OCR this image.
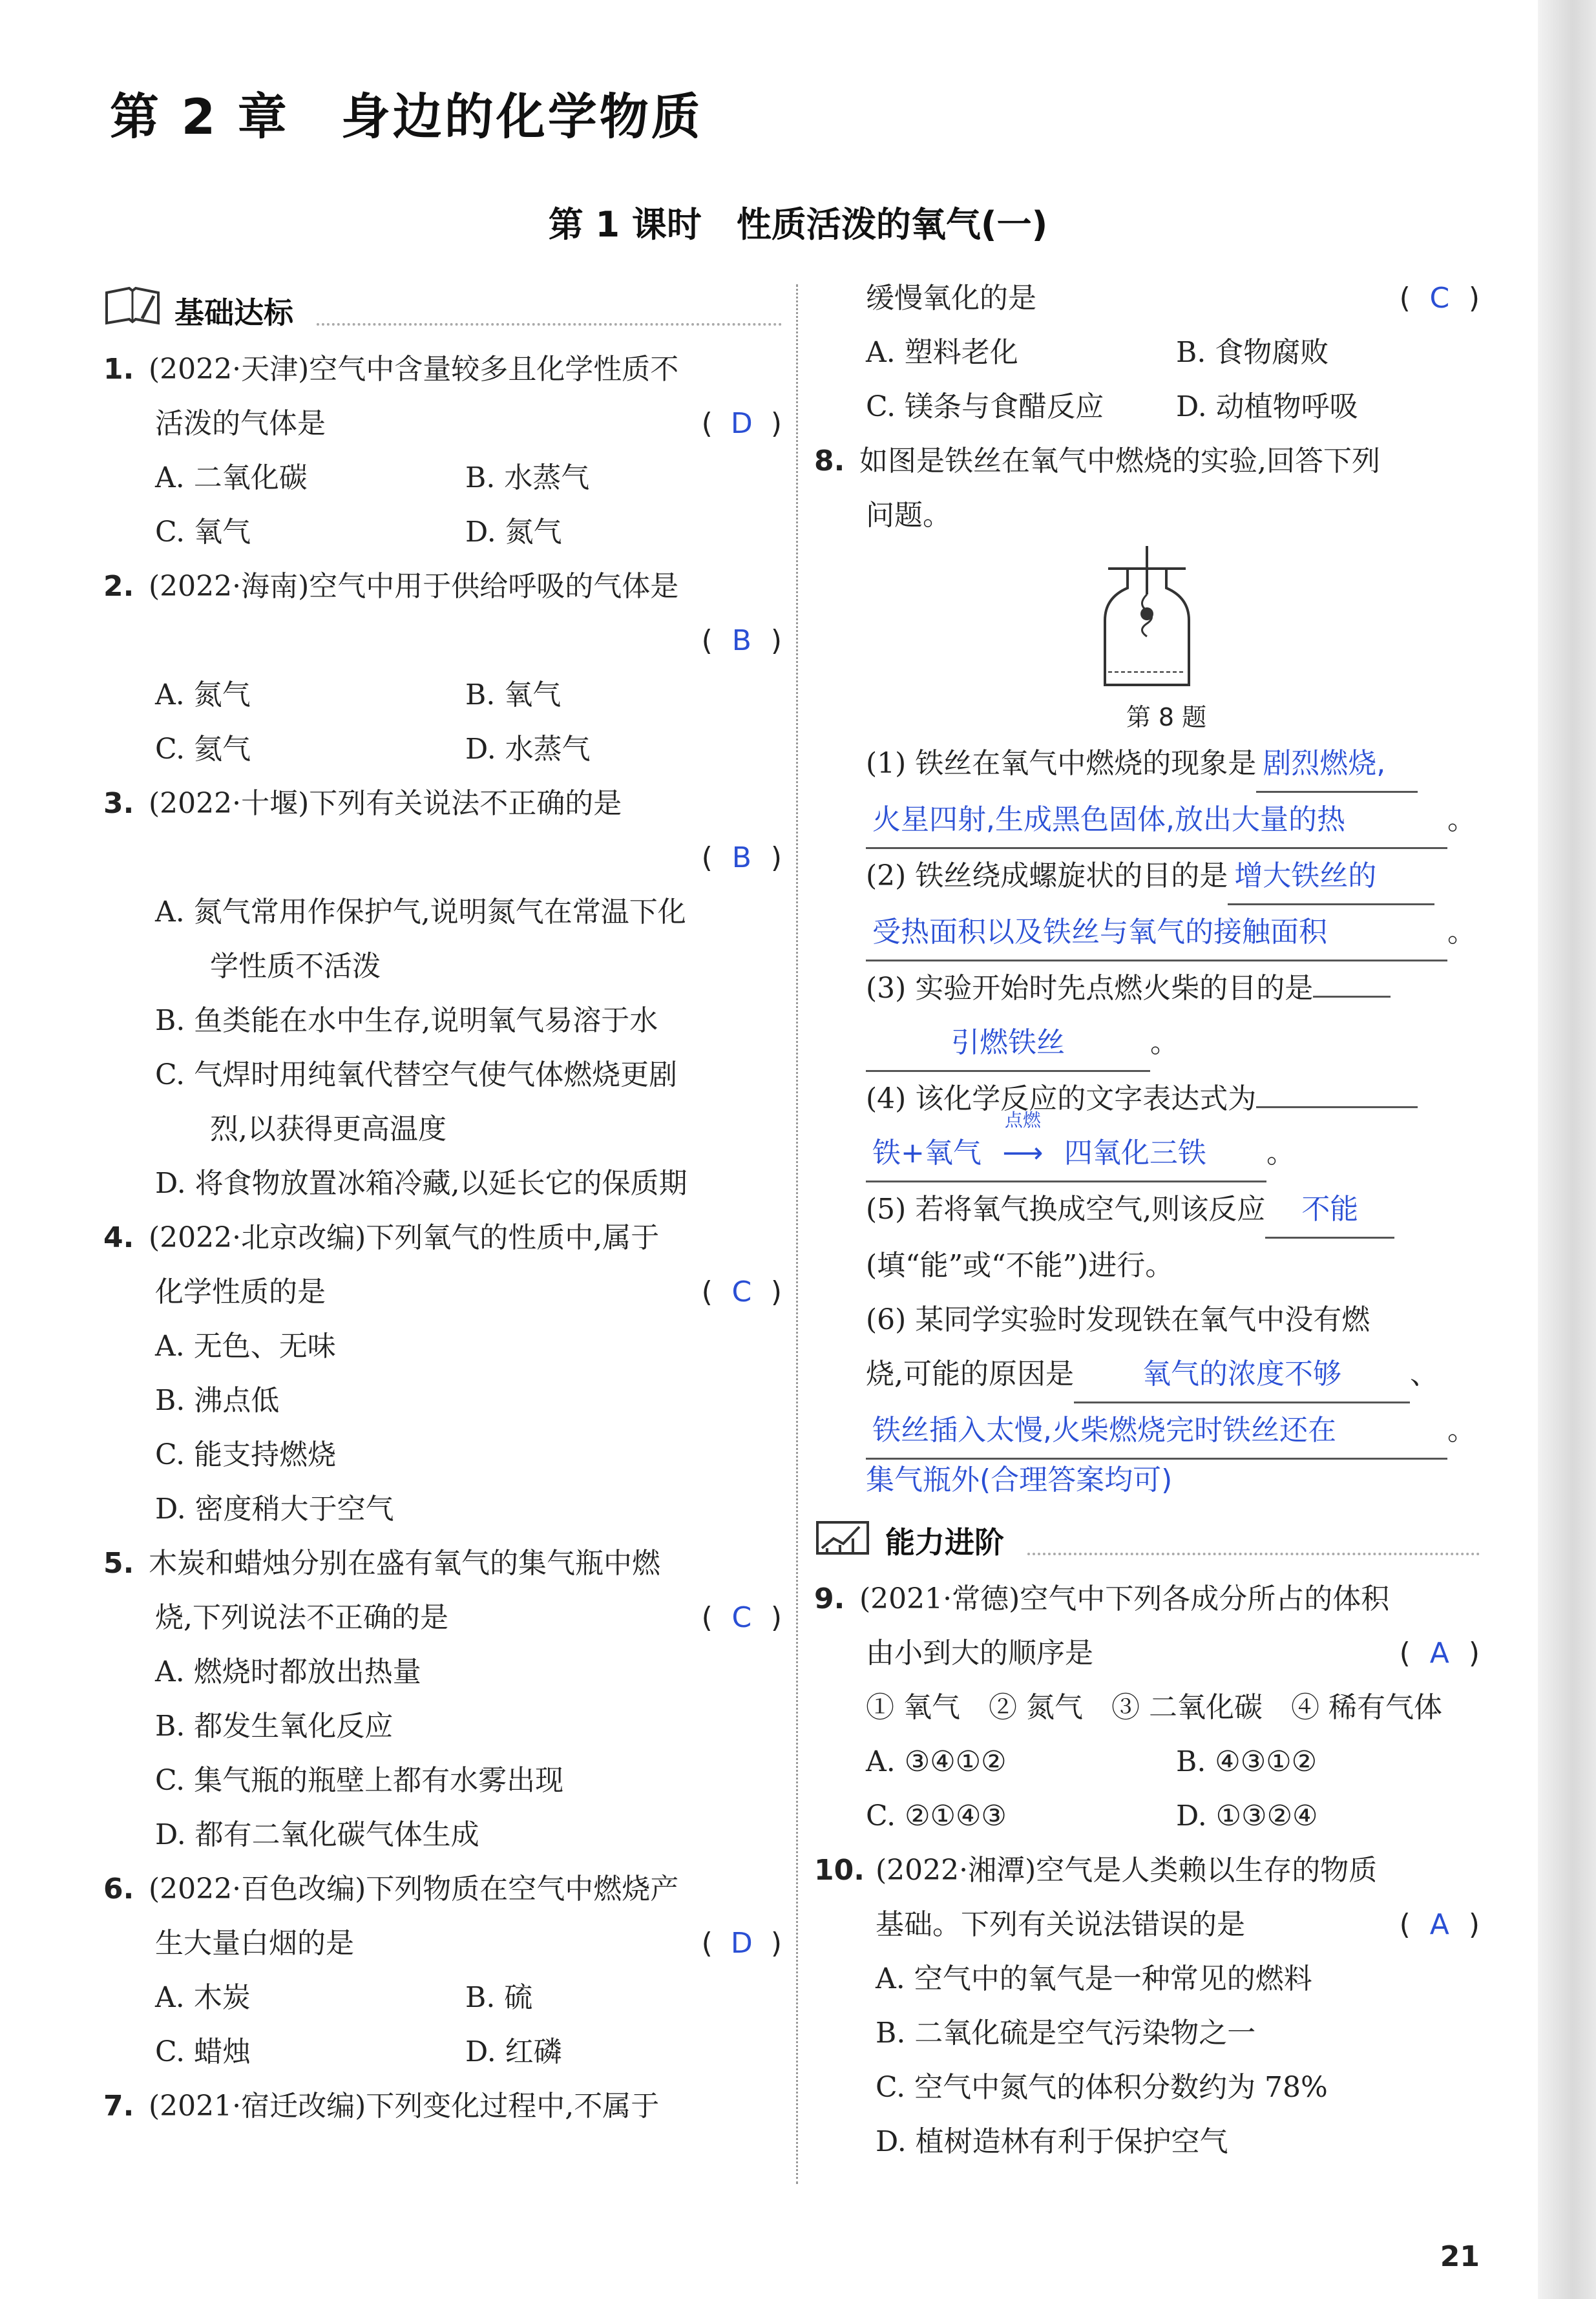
第 2 章　身边的化学物质
第 1 课时　性质活泼的氧气(一)
基础达标
1. (2022·天津)空气中含量较多且化学性质不
活泼的气体是	( D )
A. 二氧化碳	B. 水蒸气
C. 氧气	D. 氮气
2. (2022·海南)空气中用于供给呼吸的气体是

( B )
A. 氮气	B. 氧气
C. 氦气	D. 水蒸气
3. (2022·十堰)下列有关说法不正确的是

( B )
A. 氮气常用作保护气,说明氮气在常温下化
学性质不活泼
B. 鱼类能在水中生存,说明氧气易溶于水
C. 气焊时用纯氧代替空气使气体燃烧更剧
烈,以获得更高温度
D. 将食物放置冰箱冷藏,以延长它的保质期
4. (2022·北京改编)下列氧气的性质中,属于
化学性质的是	( C )
A. 无色、无味
B. 沸点低
C. 能支持燃烧
D. 密度稍大于空气
5. 木炭和蜡烛分别在盛有氧气的集气瓶中燃
烧,下列说法不正确的是	( C )
A. 燃烧时都放出热量
B. 都发生氧化反应
C. 集气瓶的瓶壁上都有水雾出现
D. 都有二氧化碳气体生成
6. (2022·百色改编)下列物质在空气中燃烧产
生大量白烟的是	( D )
A. 木炭	B. 硫
C. 蜡烛	D. 红磷
7. (2021·宿迁改编)下列变化过程中,不属于
缓慢氧化的是	( C )
A. 塑料老化	B. 食物腐败
C. 镁条与食醋反应	D. 动植物呼吸
8. 如图是铁丝在氧气中燃烧的实验,回答下列
问题。
第 8 题
(1) 铁丝在氧气中燃烧的现象是 剧烈燃烧,
火星四射,生成黑色固体,放出大量的热	。
(2) 铁丝绕成螺旋状的目的是 增大铁丝的
受热面积以及铁丝与氧气的接触面积	。
(3) 实验开始时先点燃火柴的目的是
引燃铁丝	。
(4) 该化学反应的文字表达式为
铁+氧气
点燃
⟶ 四氧化三铁 。
(5) 若将氧气换成空气,则该反应 不能
(填“能”或“不能”)进行。
(6) 某同学实验时发现铁在氧气中没有燃
烧,可能的原因是 氧气的浓度不够 、
铁丝插入太慢,火柴燃烧完时铁丝还在	。
集气瓶外(合理答案均可)
能力进阶
9. (2021·常德)空气中下列各成分所占的体积
由小到大的顺序是	( A )
① 氧气　② 氮气　③ 二氧化碳　④ 稀有气体
A. ③④①②	B. ④③①②
C. ②①④③	D. ①③②④
10. (2022·湘潭)空气是人类赖以生存的物质
基础。下列有关说法错误的是	( A )
A. 空气中的氧气是一种常见的燃料
B. 二氧化硫是空气污染物之一
C. 空气中氮气的体积分数约为 78%
D. 植树造林有利于保护空气
21
